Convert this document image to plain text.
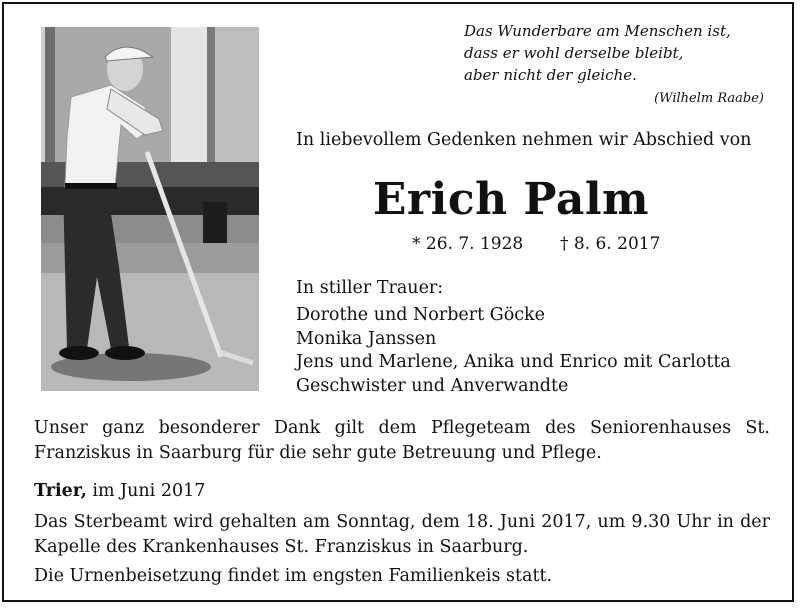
Das Wunderbare am Menschen ist,
dass er wohl derselbe bleibt,
aber nicht der gleiche.
(Wilhelm Raabe)
In liebevollem Gedenken nehmen wir Abschied von
Erich Palm
* 26. 7. 1928 † 8. 6. 2017
In stiller Trauer:
Dorothe und Norbert Göcke
Monika Janssen
Jens und Marlene, Anika und Enrico mit Carlotta
Geschwister und Anverwandte
Unser ganz besonderer Dank gilt dem Pflegeteam des Seniorenhauses St. Franziskus in Saarburg für die sehr gute Betreuung und Pflege.
Trier, im Juni 2017
Das Sterbeamt wird gehalten am Sonntag, dem 18. Juni 2017, um 9.30 Uhr in der Kapelle des Krankenhauses St. Franziskus in Saarburg.
Die Urnenbeisetzung findet im engsten Familienkeis statt.
